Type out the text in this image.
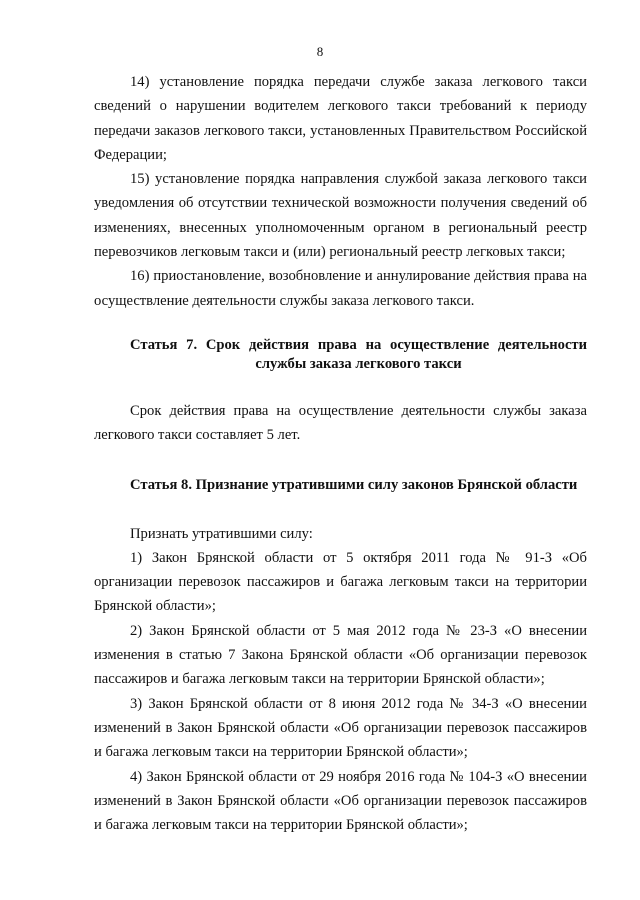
8

14) установление порядка передачи службе заказа легкового такси сведений о нарушении водителем легкового такси требований к периоду передачи заказов легкового такси, установленных Правительством Российской Федерации;

15) установление порядка направления службой заказа легкового такси уведомления об отсутствии технической возможности получения сведений об изменениях, внесенных уполномоченным органом в региональный реестр перевозчиков легковым такси и (или) региональный реестр легковых такси;

16) приостановление, возобновление и аннулирование действия права на осуществление деятельности службы заказа легкового такси.

Статья 7. Срок действия права на осуществление деятельности
службы заказа легкового такси

Срок действия права на осуществление деятельности службы заказа легкового такси составляет 5 лет.

Статья 8. Признание утратившими силу законов Брянской области

Признать утратившими силу:

1) Закон Брянской области от 5 октября 2011 года № 91-З «Об организации перевозок пассажиров и багажа легковым такси на территории Брянской области»;

2) Закон Брянской области от 5 мая 2012 года № 23-З «О внесении изменения в статью 7 Закона Брянской области «Об организации перевозок пассажиров и багажа легковым такси на территории Брянской области»;

3) Закон Брянской области от 8 июня 2012 года № 34-З «О внесении изменений в Закон Брянской области «Об организации перевозок пассажиров и багажа легковым такси на территории Брянской области»;

4) Закон Брянской области от 29 ноября 2016 года № 104-З «О внесении изменений в Закон Брянской области «Об организации перевозок пассажиров и багажа легковым такси на территории Брянской области»;
